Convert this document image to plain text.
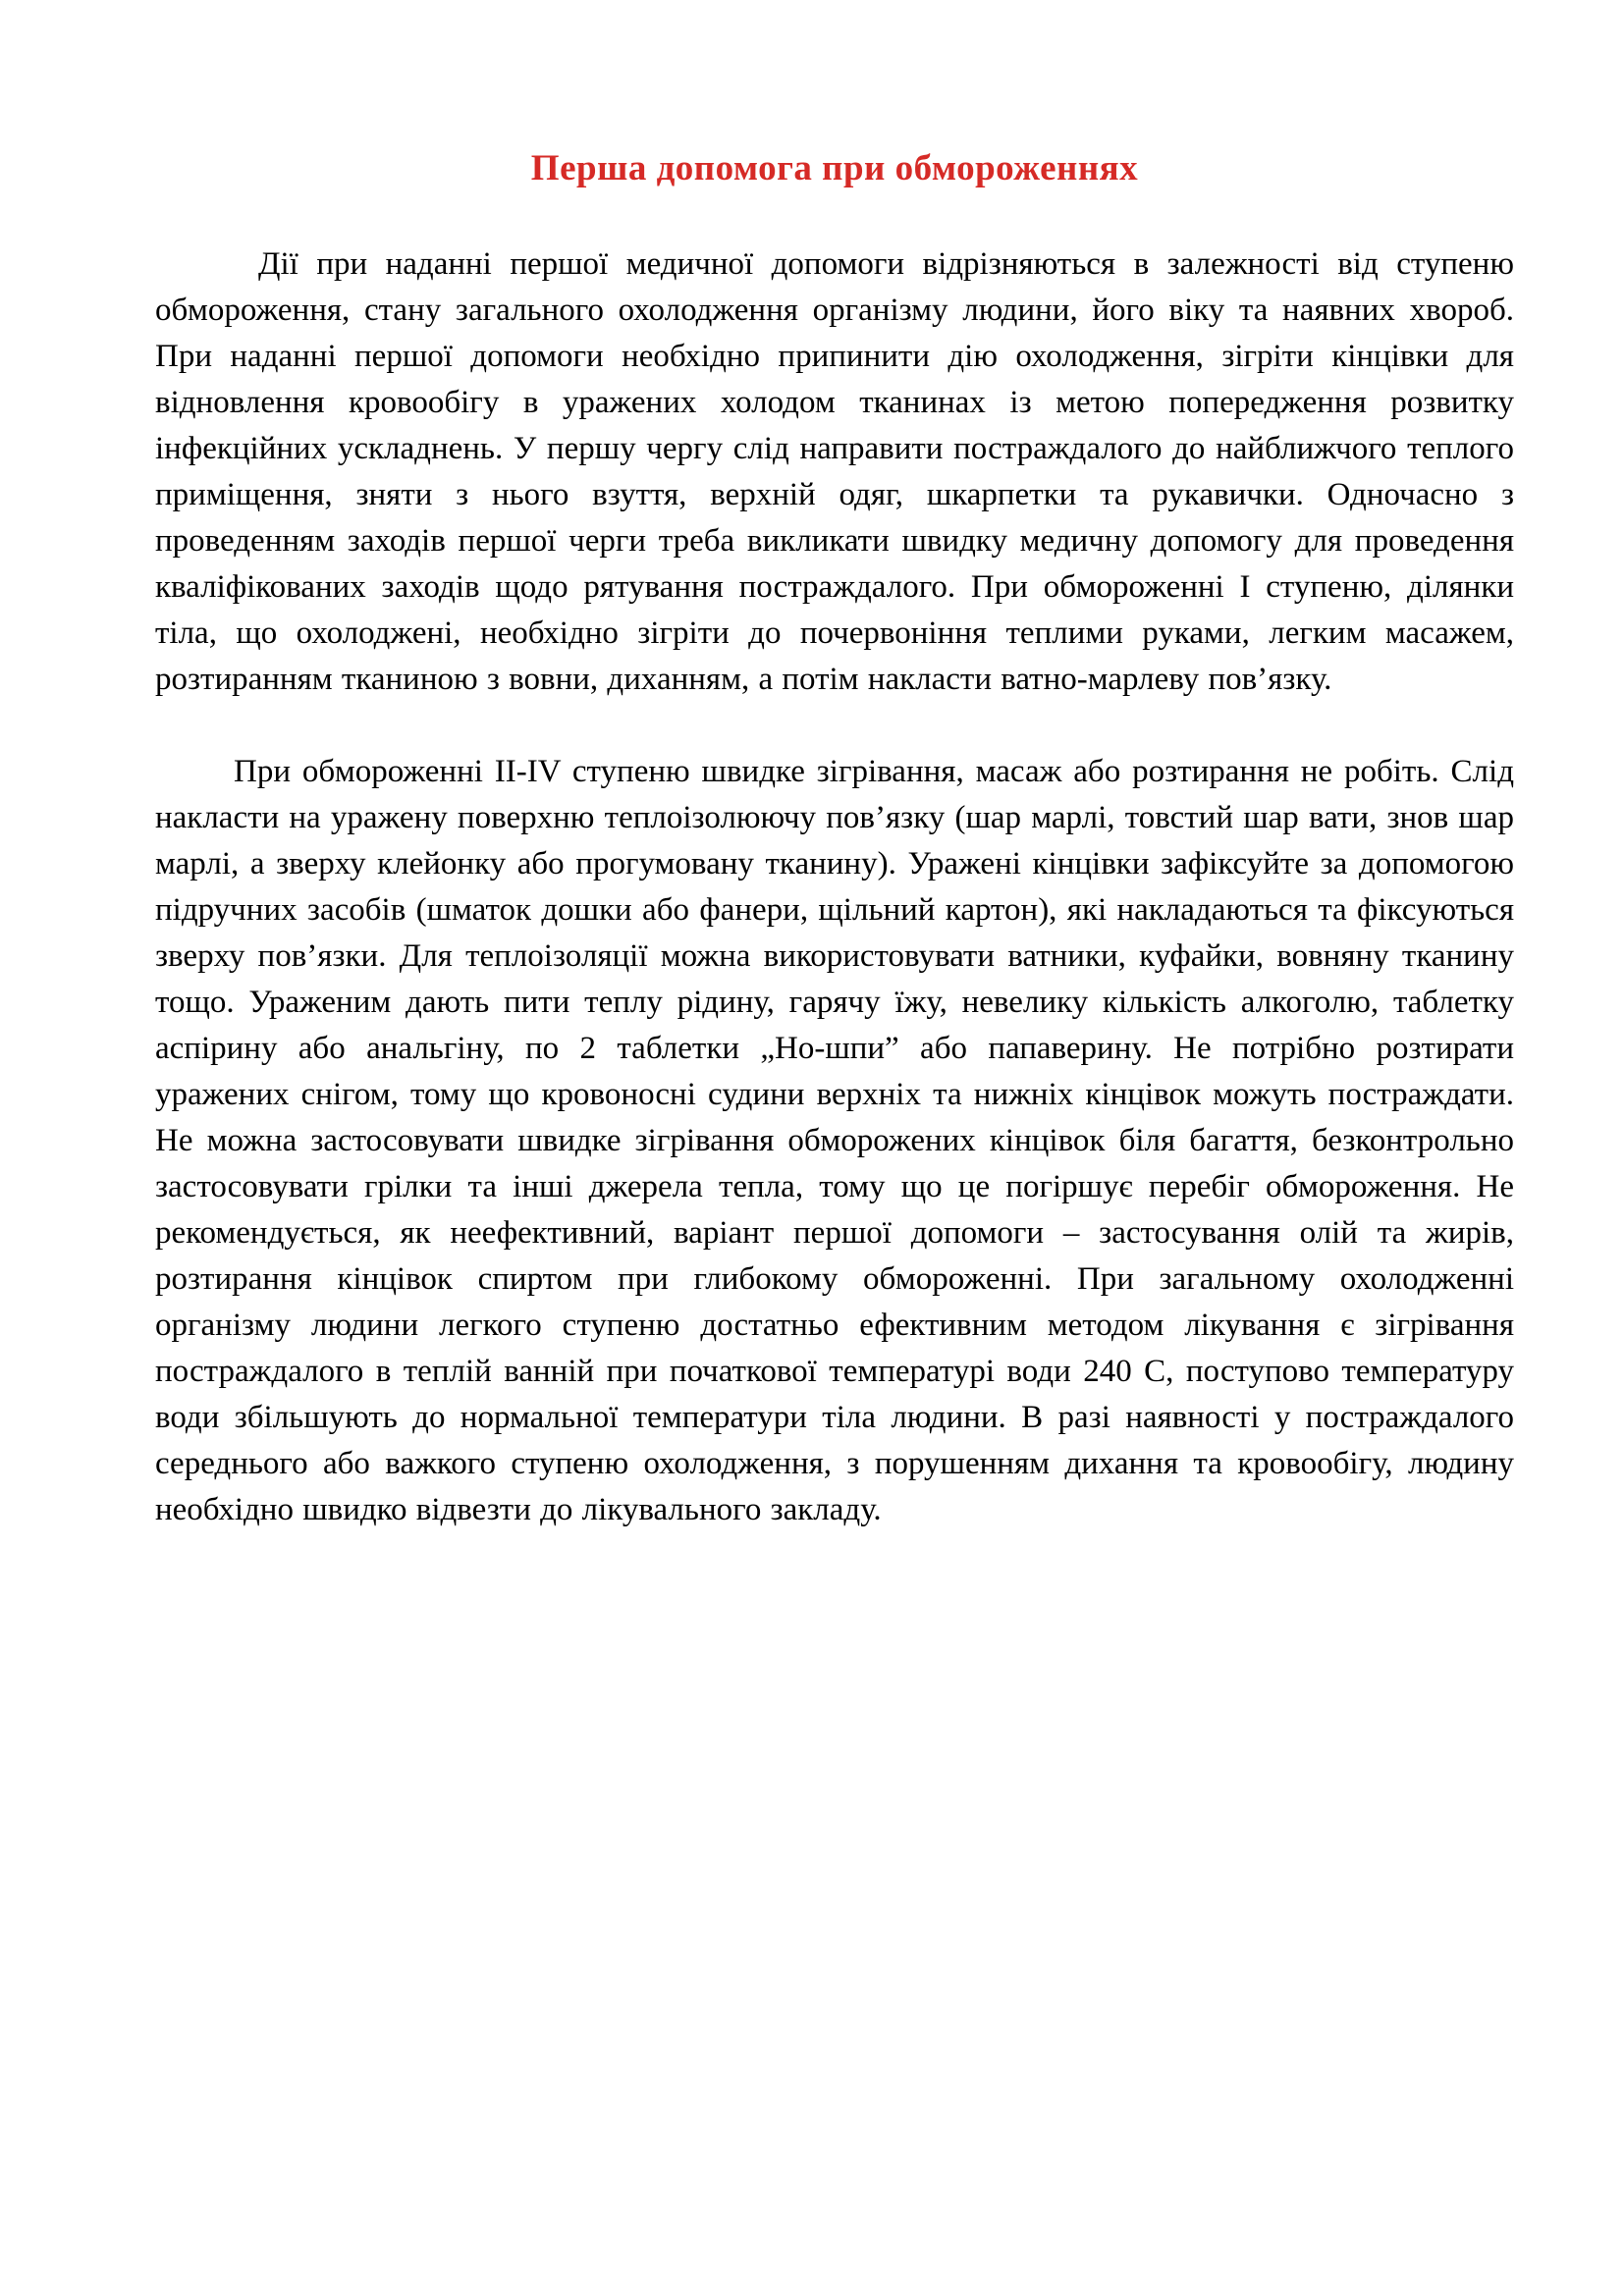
Перша допомога при обмороженнях

Дії при наданні першої медичної допомоги відрізняються в залежності від ступеню обмороження, стану загального охолодження організму людини, його віку та наявних хвороб. При наданні першої допомоги необхідно припинити дію охолодження, зігріти кінцівки для відновлення кровообігу в уражених холодом тканинах із метою попередження розвитку інфекційних ускладнень. У першу чергу слід направити постраждалого до найближчого теплого приміщення, зняти з нього взуття, верхній одяг, шкарпетки та рукавички. Одночасно з проведенням заходів першої черги треба викликати швидку медичну допомогу для проведення кваліфікованих заходів щодо рятування постраждалого. При обмороженні І ступеню, ділянки тіла, що охолоджені, необхідно зігріти до почервоніння теплими руками, легким масажем, розтиранням тканиною з вовни, диханням, а потім накласти ватно-марлеву пов’язку.

При обмороженні ІІ-ІV ступеню швидке зігрівання, масаж або розтирання не робіть. Слід накласти на уражену поверхню теплоізолюючу пов’язку (шар марлі, товстий шар вати, знов шар марлі, а зверху клейонку або прогумовану тканину). Уражені кінцівки зафіксуйте за допомогою підручних засобів (шматок дошки або фанери, щільний картон), які накладаються та фіксуються зверху пов’язки. Для теплоізоляції можна використовувати ватники, куфайки, вовняну тканину тощо. Ураженим дають пити теплу рідину, гарячу їжу, невелику кількість алкоголю, таблетку аспірину або анальгіну, по 2 таблетки „Но-шпи” або папаверину. Не потрібно розтирати уражених снігом, тому що кровоносні судини верхніх та нижніх кінцівок можуть постраждати. Не можна застосовувати швидке зігрівання обморожених кінцівок біля багаття, безконтрольно застосовувати грілки та інші джерела тепла, тому що це погіршує перебіг обмороження. Не рекомендується, як неефективний, варіант першої допомоги – застосування олій та жирів, розтирання кінцівок спиртом при глибокому обмороженні. При загальному охолодженні організму людини легкого ступеню достатньо ефективним методом лікування є зігрівання постраждалого в теплій ванній при початкової температурі води 240 С, поступово температуру води збільшують до нормальної температури тіла людини. В разі наявності у постраждалого середнього або важкого ступеню охолодження, з порушенням дихання та кровообігу, людину необхідно швидко відвезти до лікувального закладу.
